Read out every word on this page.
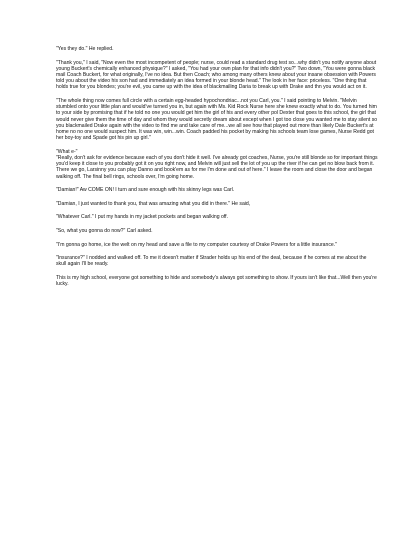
"Yes they do." He replied.

"Thank you," I said, "Now even the most incompetent of people; nurse, could read a standard drug test so...why didn't you notify anyone about young Buckert's chemically enhanced physique?" I asked, "You had your own plan for that info didn't you?" Two down, "You were gonna black mail Coach Buckert, for what originally, I've no idea. But then Coach; who among many others knew about your insane obsession with Powers told you about the video his son had and immediately an idea formed in your blonde head." The look in her face: priceless. "One thing that holds true for you blondes; you're evil, you came up with the idea of blackmailing Daria to break up with Drake and thn you would act on it.

"The whole thing now comes full circle with a certain egg-headed hypochondriac...not you Carl, you." I said pointing to Melvin. "Melvin stumbled onto your little plan and would've turned you in, but again with Ms. Kid Rock Nurse here she knew exactly what to do. You turned him to your side by promising that if he told no one you would get him the girl of his and every other pol Dexter that goes to this school, the girl that would never give them the time of day and whom they would secretly dream about except when I got too close you wanted me to stay silent so you blackmailed Drake again with the video to find me and take care of me...we all see how that played out more than likely Dale Buckert's at home no no one would suspect him. It was win, win...win. Coach padded his pocket by making his schools team lose games, Nurse Redd got her boy-toy and Spade got his pin up girl."

"What e-"
"Really, don't ask for evidence because each of you don't hide it well. I've already got coaches, Nurse, you're still blonde so for important things you'd keep it close to you probably got it on you right now, and Melvin will just sell the lot of you up the river if he can get no blow back from it. There we go, Larsinny you can play Danno and book'em as for me I'm done and out of here." I leave the room and close the door and began walking off. The final bell rings, schools over, I'm going home.

"Damian!" Aw COME ON! I turn and sure enough with his skinny legs was Carl.

"Damian, I just wanted to thank you, that was amazing what you did in there." He said,

"Whatever Carl." I put my hands in my jacket pockets and began walking off.

"So, what you gonna do now?" Carl asked.

"I'm gonna go home, ice the welt on my head and save a file to my computer courtesy of Drake Powers for a little insurance."

"Insurance?" I nodded and walked off. To me it doesn't matter if Strader holds up his end of the deal, because if he comes at me about the skull again I'll be ready.

This is my high school, everyone got something to hide and somebody's always got something to show. If yours isn't like that...Well then you're lucky.
